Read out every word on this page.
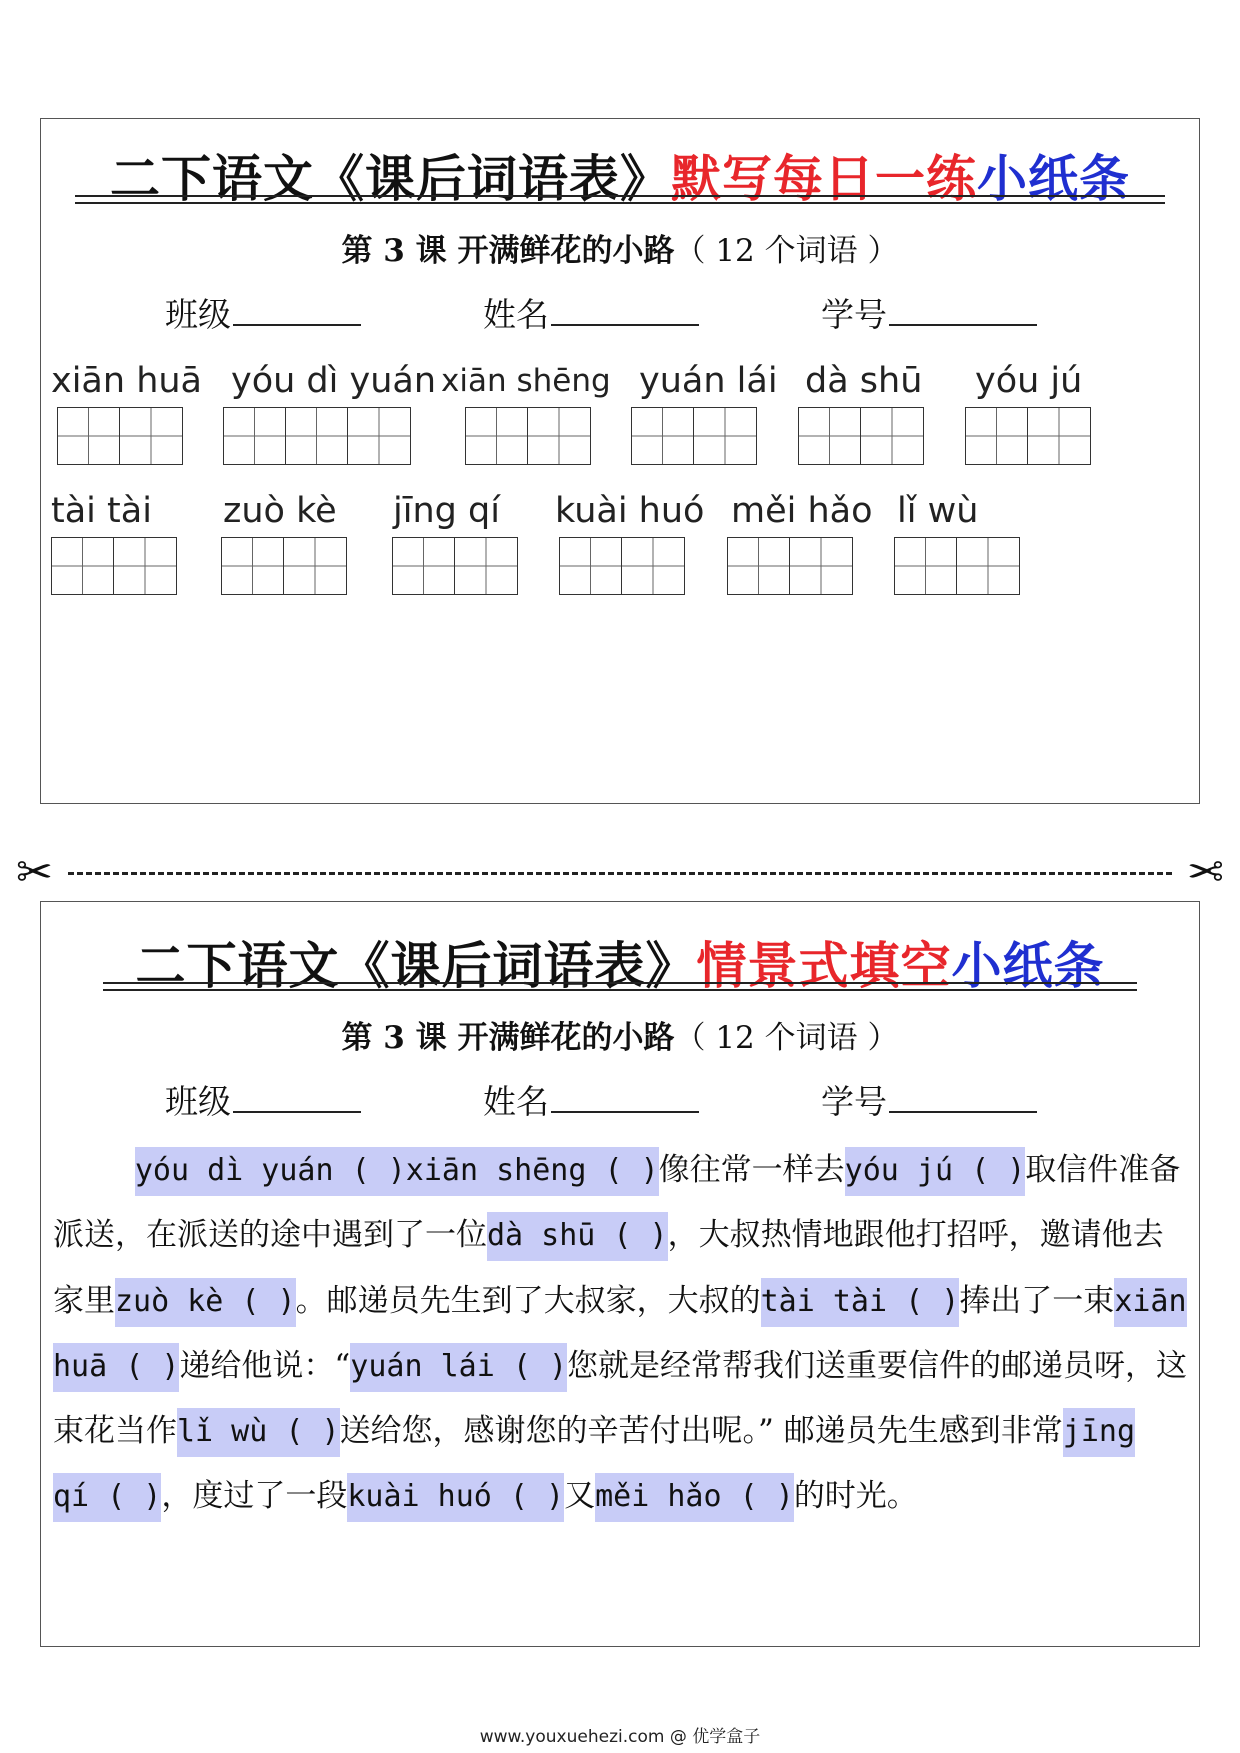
二下语文《课后词语表》默写每日一练小纸条
第 3 课 开满鲜花的小路（ 12 个词语 ）
班级	姓名	学号
xiān huā yóu dì yuán xiān shēng yuán lái dà shū yóu jú
tài tài zuò kè jīng qí kuài huó měi hǎo lǐ wù
✂	✂
二下语文《课后词语表》情景式填空小纸条
第 3 课 开满鲜花的小路（ 12 个词语 ）
班级	姓名	学号
yóu dì yuán ( )xiān shēng ( )像往常一样去yóu jú ( )取信件准备派送，在派送的途中遇到了一位dà shū ( )，大叔热情地跟他打招呼，邀请他去家里zuò kè ( )。邮递员先生到了大叔家，大叔的tài tài ( )捧出了一束xiān huā ( )递给他说：“yuán lái ( )您就是经常帮我们送重要信件的邮递员呀，这束花当作lǐ wù ( )送给您，感谢您的辛苦付出呢。” 邮递员先生感到非常jīng qí ( )，度过了一段kuài huó ( )又měi hǎo ( )的时光。
www.youxuehezi.com @ 优学盒子
